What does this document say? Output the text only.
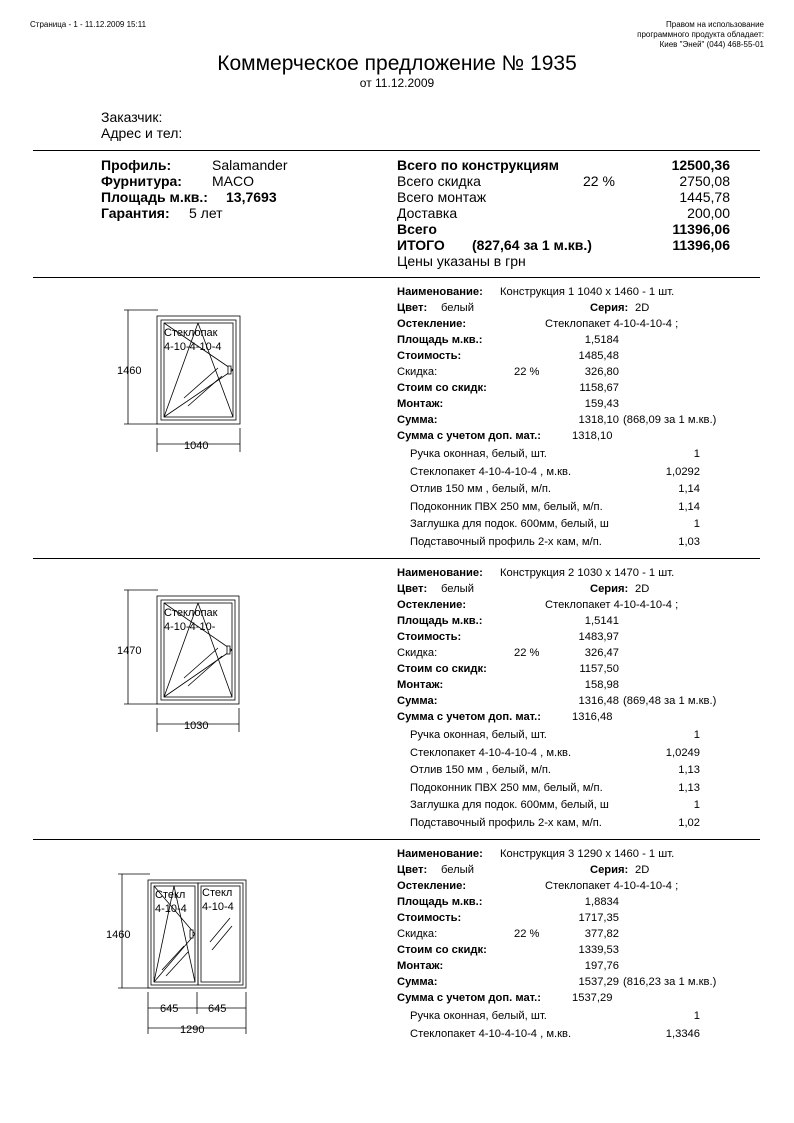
Страница - 1 - 11.12.2009 15:11	Правом на использование
программного продукта обладает:
Киев "Эней" (044) 468-55-01
Коммерческое предложение № 1935
от 11.12.2009
Заказчик:
Адрес и тел:
Профиль:	Salamander
Фурнитура: MACO
Площадь м.кв.: 13,7693
Гарантия: 5 лет
Всего по конструкциям	12500,36
Всего скидка	22 %	2750,08
Всего монтаж	1445,78
Доставка	200,00
Всего	11396,06
ИТОГО (827,64 за 1 м.кв.)	11396,06
Цены указаны в грн
Наименование: Конструкция 1 1040 x 1460 - 1 шт.
Цвет: белый	Серия: 2D
Остекление:	Стеклопакет 4-10-4-10-4 ;
Площадь м.кв.:	1,5184
Стоимость:	1485,48
Скидка:	22 %	326,80
Стоим со скидк:	1158,67
Монтаж:	159,43
Сумма:	1318,10 (868,09 за 1 м.кв.)
Сумма с учетом доп. мат.:	1318,10
Ручка оконная, белый, шт.	1
Стеклопакет 4-10-4-10-4 , м.кв.	1,0292
Отлив 150 мм , белый, м/п.	1,14
Подоконник ПВХ 250 мм, белый, м/п.	1,14
Заглушка для подок. 600мм, белый, ш	1
Подставочный профиль 2-х кам, м/п.	1,03
Наименование: Конструкция 2 1030 x 1470 - 1 шт.
Цвет: белый	Серия: 2D
Остекление:	Стеклопакет 4-10-4-10-4 ;
Площадь м.кв.:	1,5141
Стоимость:	1483,97
Скидка:	22 %	326,47
Стоим со скидк:	1157,50
Монтаж:	158,98
Сумма:	1316,48 (869,48 за 1 м.кв.)
Сумма с учетом доп. мат.:	1316,48
Ручка оконная, белый, шт.	1
Стеклопакет 4-10-4-10-4 , м.кв.	1,0249
Отлив 150 мм , белый, м/п.	1,13
Подоконник ПВХ 250 мм, белый, м/п.	1,13
Заглушка для подок. 600мм, белый, ш	1
Подставочный профиль 2-х кам, м/п.	1,02
Наименование: Конструкция 3 1290 x 1460 - 1 шт.
Цвет: белый	Серия: 2D
Остекление:	Стеклопакет 4-10-4-10-4 ;
Площадь м.кв.:	1,8834
Стоимость:	1717,35
Скидка:	22 %	377,82
Стоим со скидк:	1339,53
Монтаж:	197,76
Сумма:	1537,29 (816,23 за 1 м.кв.)
Сумма с учетом доп. мат.:	1537,29
Ручка оконная, белый, шт.	1
Стеклопакет 4-10-4-10-4 , м.кв.	1,3346
Стеклопак
4-10-4-10-4
1460
1040
Стеклопак
4-10-4-10-
1470
1030
Стекл
4-10-4
Стекл
4-10-4
1460
645	645
1290
